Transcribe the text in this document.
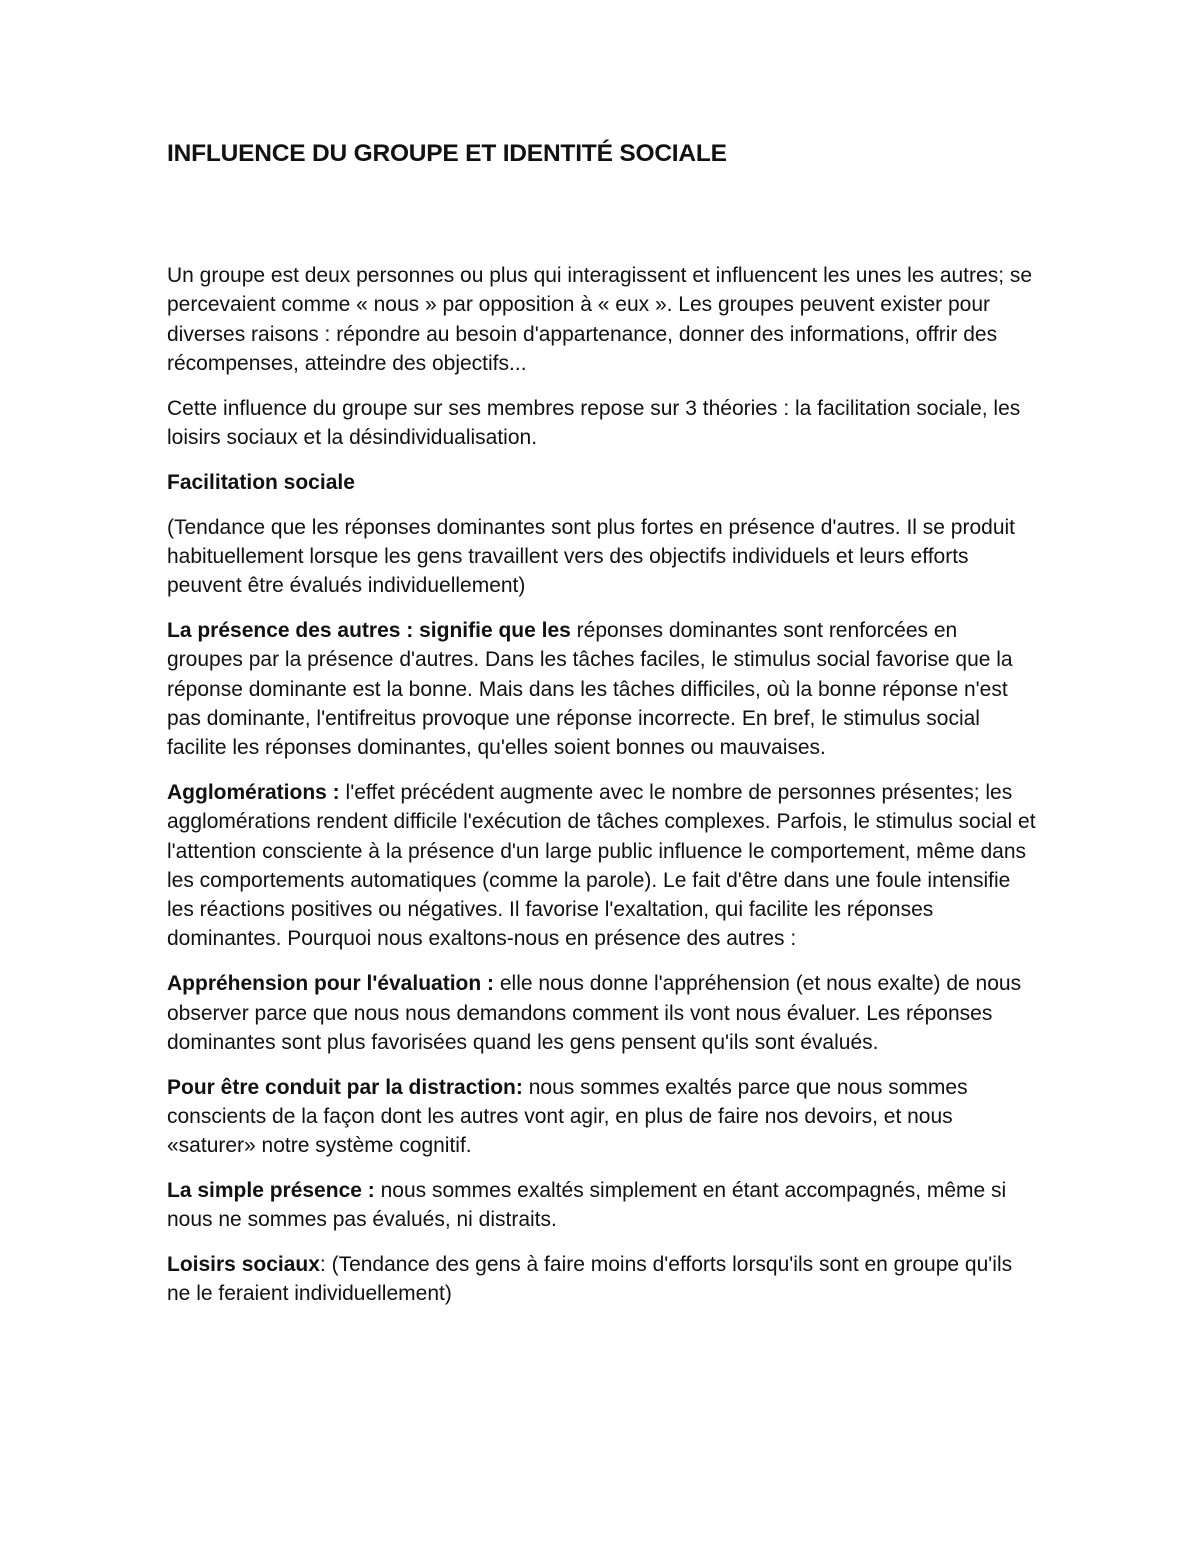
INFLUENCE DU GROUPE ET IDENTITÉ SOCIALE

Un groupe est deux personnes ou plus qui interagissent et influencent les unes les autres; se percevaient comme « nous » par opposition à « eux ». Les groupes peuvent exister pour diverses raisons : répondre au besoin d'appartenance, donner des informations, offrir des récompenses, atteindre des objectifs...

Cette influence du groupe sur ses membres repose sur 3 théories : la facilitation sociale, les loisirs sociaux et la désindividualisation.

Facilitation sociale

(Tendance que les réponses dominantes sont plus fortes en présence d'autres. Il se produit habituellement lorsque les gens travaillent vers des objectifs individuels et leurs efforts peuvent être évalués individuellement)

La présence des autres : signifie que les réponses dominantes sont renforcées en groupes par la présence d'autres. Dans les tâches faciles, le stimulus social favorise que la réponse dominante est la bonne. Mais dans les tâches difficiles, où la bonne réponse n'est pas dominante, l'entifreitus provoque une réponse incorrecte. En bref, le stimulus social facilite les réponses dominantes, qu'elles soient bonnes ou mauvaises.

Agglomérations : l'effet précédent augmente avec le nombre de personnes présentes; les agglomérations rendent difficile l'exécution de tâches complexes. Parfois, le stimulus social et l'attention consciente à la présence d'un large public influence le comportement, même dans les comportements automatiques (comme la parole). Le fait d'être dans une foule intensifie les réactions positives ou négatives. Il favorise l'exaltation, qui facilite les réponses dominantes. Pourquoi nous exaltons-nous en présence des autres :

Appréhension pour l'évaluation : elle nous donne l'appréhension (et nous exalte) de nous observer parce que nous nous demandons comment ils vont nous évaluer. Les réponses dominantes sont plus favorisées quand les gens pensent qu'ils sont évalués.

Pour être conduit par la distraction: nous sommes exaltés parce que nous sommes conscients de la façon dont les autres vont agir, en plus de faire nos devoirs, et nous «saturer» notre système cognitif.

La simple présence : nous sommes exaltés simplement en étant accompagnés, même si nous ne sommes pas évalués, ni distraits.

Loisirs sociaux: (Tendance des gens à faire moins d'efforts lorsqu'ils sont en groupe qu'ils ne le feraient individuellement)
